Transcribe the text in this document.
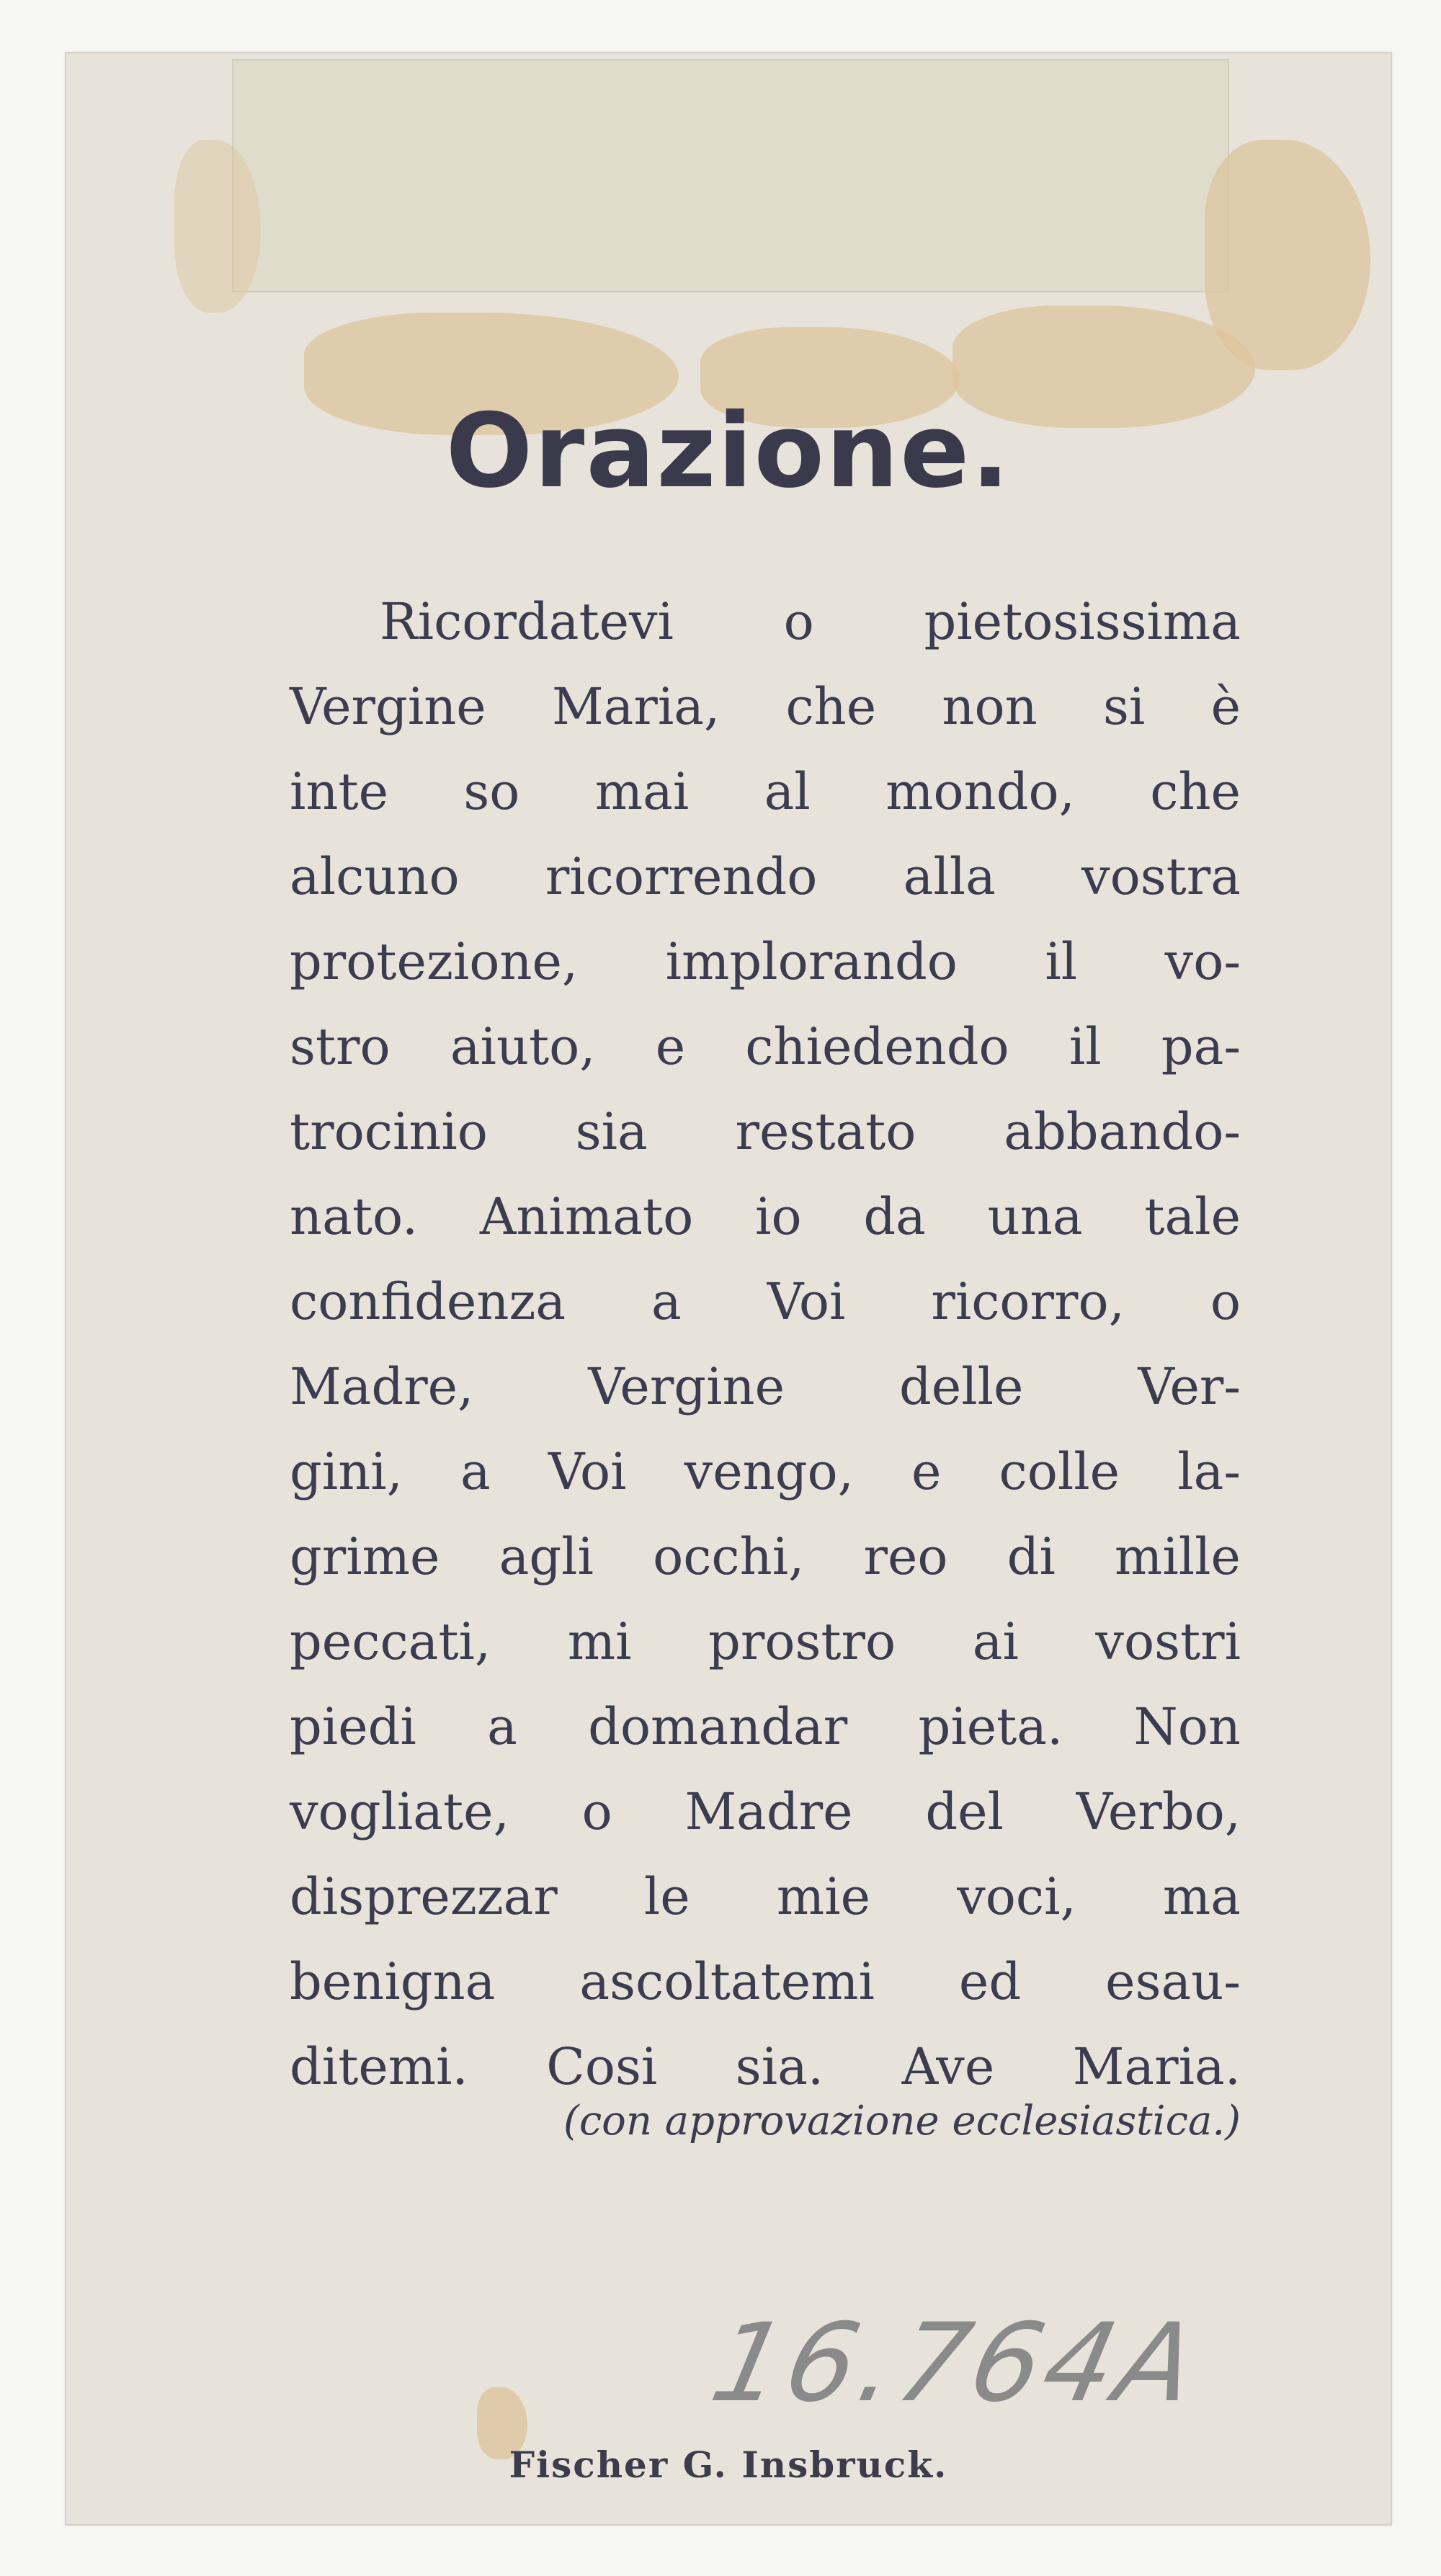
Orazione.
Ricordatevi o pietosissima
Vergine Maria, che non si è
inte so mai al mondo, che
alcuno ricorrendo alla vostra
protezione, implorando il vo-
stro aiuto, e chiedendo il pa-
trocinio sia restato abbando-
nato. Animato io da una tale
confidenza a Voi ricorro, o
Madre, Vergine delle Ver-
gini, a Voi vengo, e colle la-
grime agli occhi, reo di mille
peccati, mi prostro ai vostri
piedi a domandar pieta. Non
vogliate, o Madre del Verbo,
disprezzar le mie voci, ma
benigna ascoltatemi ed esau-
ditemi. Cosi sia. Ave Maria.

(con approvazione ecclesiastica.)

16.764A
Fischer G. Insbruck.
